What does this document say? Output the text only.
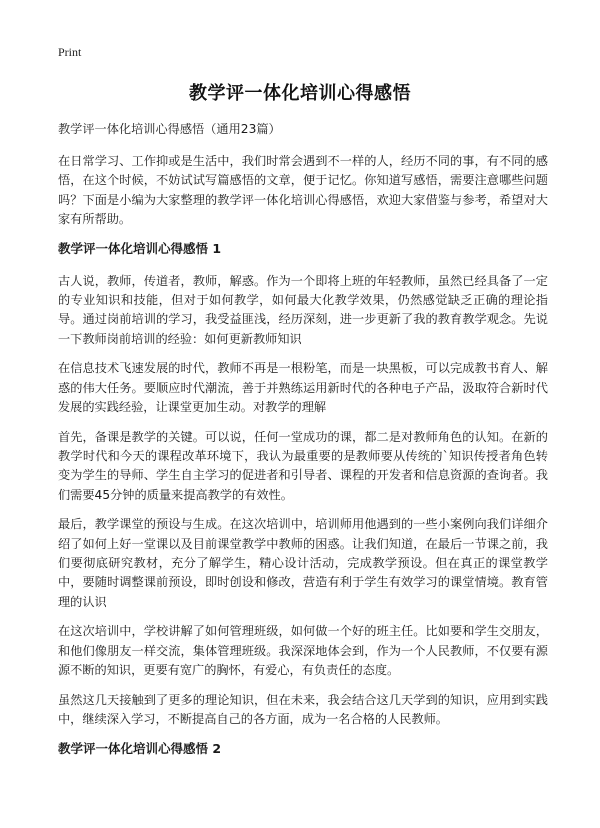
Print
教学评一体化培训心得感悟
教学评一体化培训心得感悟（通用23篇）

在日常学习、工作抑或是生活中，我们时常会遇到不一样的人，经历不同的事，有不同的感悟，在这个时候，不妨试试写篇感悟的文章，便于记忆。你知道写感悟，需要注意哪些问题吗？下面是小编为大家整理的教学评一体化培训心得感悟，欢迎大家借鉴与参考，希望对大家有所帮助。

教学评一体化培训心得感悟 1

古人说，教师，传道者，教师，解惑。作为一个即将上班的年轻教师，虽然已经具备了一定的专业知识和技能，但对于如何教学，如何最大化教学效果，仍然感觉缺乏正确的理论指导。通过岗前培训的学习，我受益匪浅，经历深刻，进一步更新了我的教育教学观念。先说一下教师岗前培训的经验：如何更新教师知识

在信息技术飞速发展的时代，教师不再是一根粉笔，而是一块黑板，可以完成教书育人、解惑的伟大任务。要顺应时代潮流，善于并熟练运用新时代的各种电子产品，汲取符合新时代发展的实践经验，让课堂更加生动。对教学的理解

首先，备课是教学的关键。可以说，任何一堂成功的课，都二是对教师角色的认知。在新的教学时代和今天的课程改革环境下，我认为最重要的是教师要从传统的`知识传授者角色转变为学生的导师、学生自主学习的促进者和引导者、课程的开发者和信息资源的查询者。我们需要45分钟的质量来提高教学的有效性。

最后，教学课堂的预设与生成。在这次培训中，培训师用他遇到的一些小案例向我们详细介绍了如何上好一堂课以及目前课堂教学中教师的困惑。让我们知道，在最后一节课之前，我们要彻底研究教材，充分了解学生，精心设计活动，完成教学预设。但在真正的课堂教学中，要随时调整课前预设，即时创设和修改，营造有利于学生有效学习的课堂情境。教育管理的认识

在这次培训中，学校讲解了如何管理班级，如何做一个好的班主任。比如要和学生交朋友，和他们像朋友一样交流，集体管理班级。我深深地体会到，作为一个人民教师，不仅要有源源不断的知识，更要有宽广的胸怀，有爱心，有负责任的态度。

虽然这几天接触到了更多的理论知识，但在未来，我会结合这几天学到的知识，应用到实践中，继续深入学习，不断提高自己的各方面，成为一名合格的人民教师。

教学评一体化培训心得感悟 2
